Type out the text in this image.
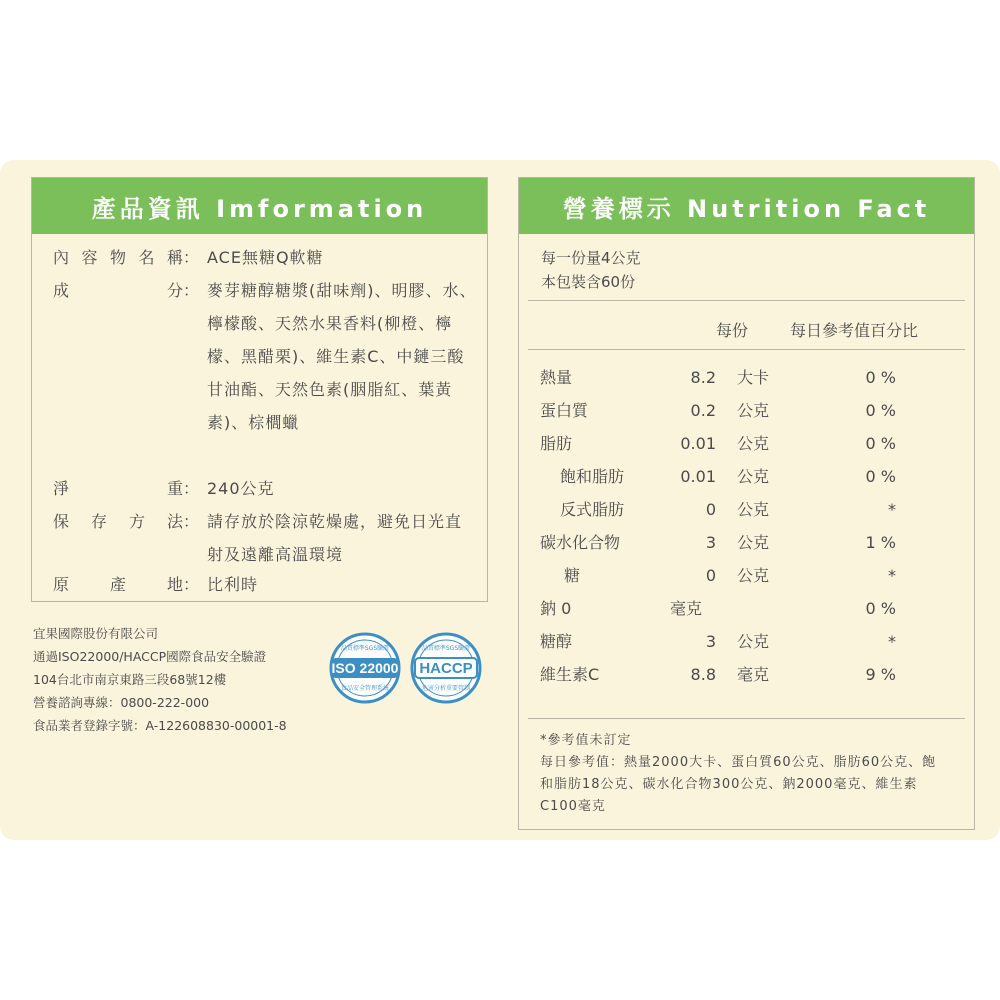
產品資訊 Imformation
內 容 物 名 稱 ： ACE無糖Q軟糖
成	分 ： 麥芽糖醇糖漿(甜味劑)、明膠、水、檸檬酸、天然水果香料(柳橙、檸檬、黑醋栗)、維生素C、中鏈三酸甘油酯、天然色素(胭脂紅、葉黃素)、棕櫚蠟
淨	重 ： 240公克
保 存 方 法 ： 請存放於陰涼乾燥處，避免日光直射及遠離高溫環境
原	產	地 ： 比利時
宜果國際股份有限公司
通過ISO22000/HACCP國際食品安全驗證
104台北市南京東路三段68號12樓
營養諮詢專線：0800-222-000
食品業者登錄字號：A-122608830-00001-8
ISO 22000
品質標準SGS驗證
食品安全管理系統
HACCP
品質標準SGS驗證
危害分析重要管制
營養標示 Nutrition Fact
每一份量4公克
本包裝含60份
每份	每日參考值百分比
熱量	8.2 大卡	0 %
蛋白質	0.2 公克	0 %
脂肪	0.01 公克	0 %
飽和脂肪	0.01 公克	0 %
反式脂肪	0 公克	*
碳水化合物	3 公克	1 %
糖	0 公克	*
鈉 0	毫克	0 %
糖醇	3 公克	*
維生素C	8.8 毫克	9 %
*參考值未訂定
每日參考值：熱量2000大卡、蛋白質60公克、脂肪60公克、飽和脂肪18公克、碳水化合物300公克、鈉2000毫克、維生素C100毫克
